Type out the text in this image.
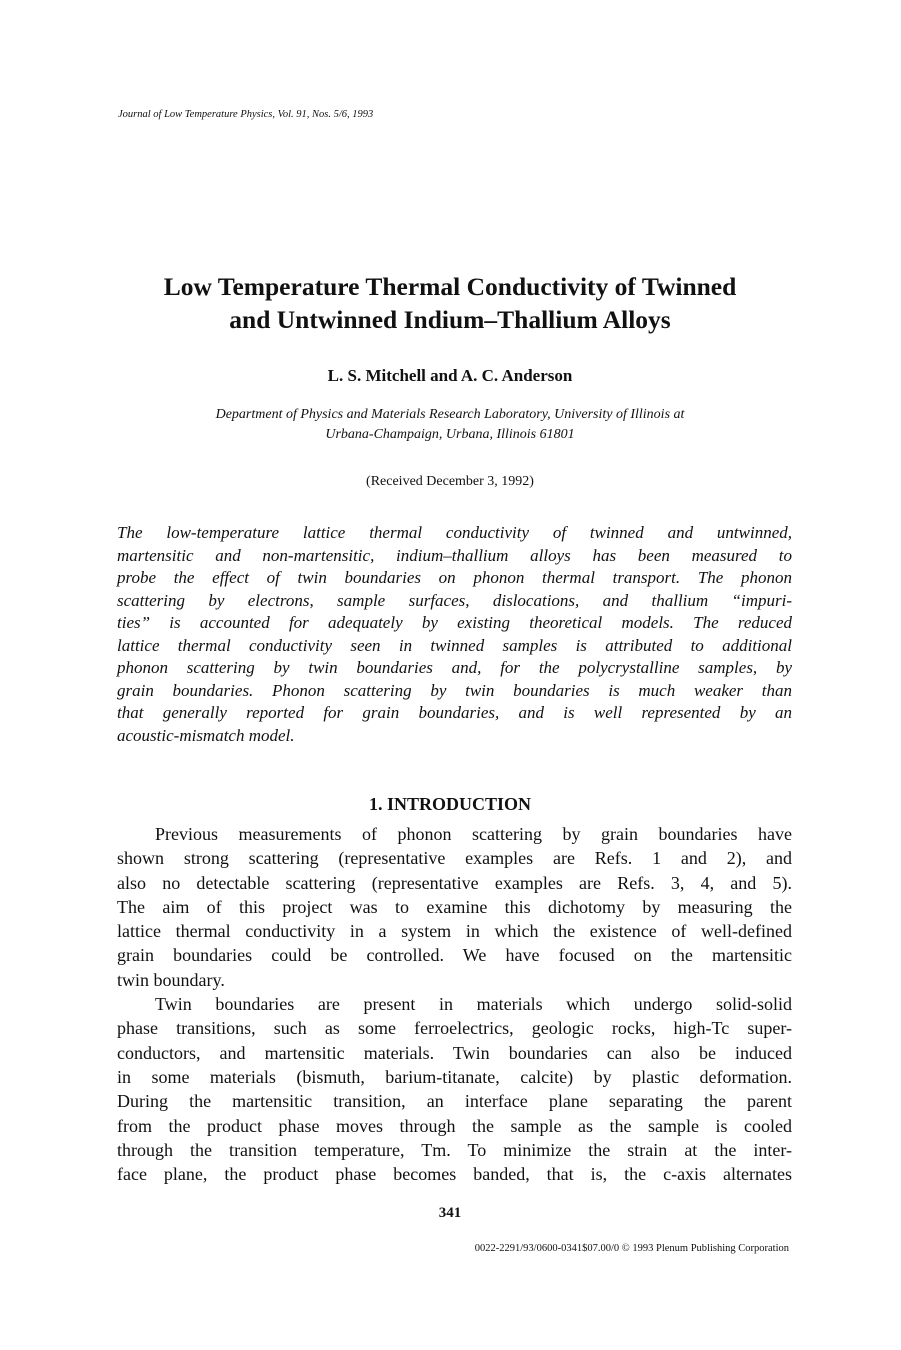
Journal of Low Temperature Physics, Vol. 91, Nos. 5/6, 1993
Low Temperature Thermal Conductivity of Twinned
and Untwinned Indium–Thallium Alloys
L. S. Mitchell and A. C. Anderson
Department of Physics and Materials Research Laboratory, University of Illinois at
Urbana-Champaign, Urbana, Illinois 61801
(Received December 3, 1992)
The low-temperature lattice thermal conductivity of twinned and untwinned,
martensitic and non-martensitic, indium–thallium alloys has been measured to
probe the effect of twin boundaries on phonon thermal transport. The phonon
scattering by electrons, sample surfaces, dislocations, and thallium “impuri-
ties” is accounted for adequately by existing theoretical models. The reduced
lattice thermal conductivity seen in twinned samples is attributed to additional
phonon scattering by twin boundaries and, for the polycrystalline samples, by
grain boundaries. Phonon scattering by twin boundaries is much weaker than
that generally reported for grain boundaries, and is well represented by an
acoustic-mismatch model.
1. INTRODUCTION
Previous measurements of phonon scattering by grain boundaries have
shown strong scattering (representative examples are Refs. 1 and 2), and
also no detectable scattering (representative examples are Refs. 3, 4, and 5).
The aim of this project was to examine this dichotomy by measuring the
lattice thermal conductivity in a system in which the existence of well-defined
grain boundaries could be controlled. We have focused on the martensitic
twin boundary.
Twin boundaries are present in materials which undergo solid-solid
phase transitions, such as some ferroelectrics, geologic rocks, high-Tc super-
conductors, and martensitic materials. Twin boundaries can also be induced
in some materials (bismuth, barium-titanate, calcite) by plastic deformation.
During the martensitic transition, an interface plane separating the parent
from the product phase moves through the sample as the sample is cooled
through the transition temperature, Tm. To minimize the strain at the inter-
face plane, the product phase becomes banded, that is, the c-axis alternates
341
0022-2291/93/0600-0341$07.00/0 © 1993 Plenum Publishing Corporation
